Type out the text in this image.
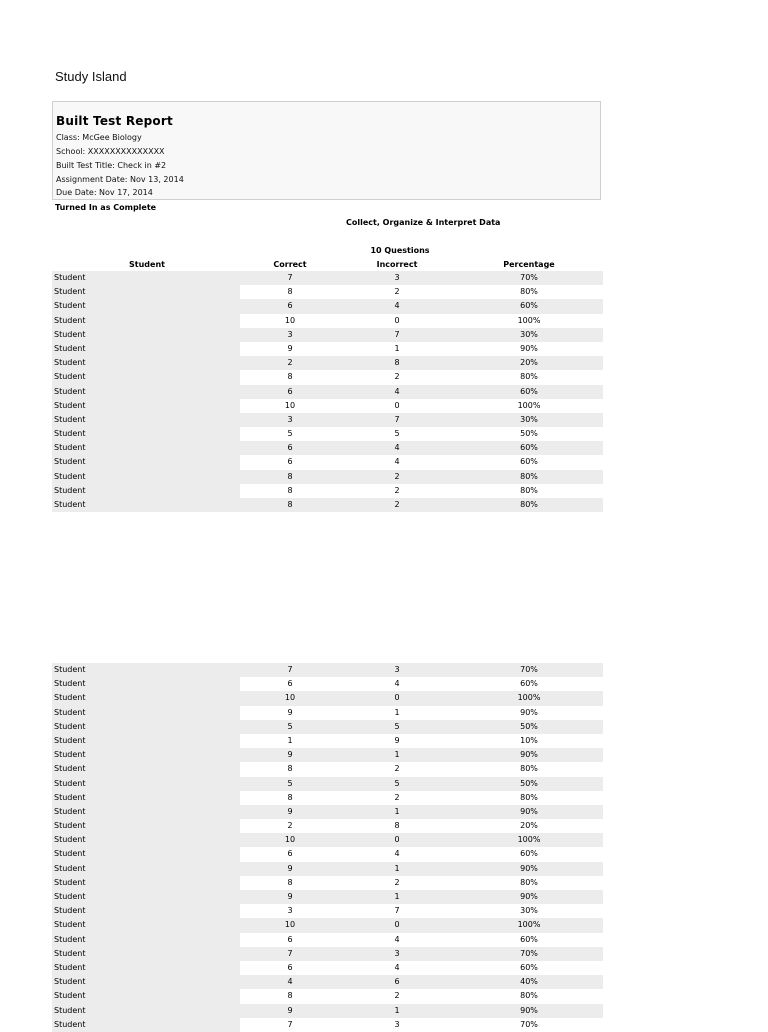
Study Island
Built Test Report
Class: McGee Biology
School: XXXXXXXXXXXXXX
Built Test Title: Check in #2
Assignment Date: Nov 13, 2014
Due Date: Nov 17, 2014
Turned In as Complete
Collect, Organize & Interpret Data
10 Questions
Student	Correct	Incorrect	Percentage
Student	7	3	70%
Student	8	2	80%
Student	6	4	60%
Student	10	0	100%
Student	3	7	30%
Student	9	1	90%
Student	2	8	20%
Student	8	2	80%
Student	6	4	60%
Student	10	0	100%
Student	3	7	30%
Student	5	5	50%
Student	6	4	60%
Student	6	4	60%
Student	8	2	80%
Student	8	2	80%
Student	8	2	80%
Student	7	3	70%
Student	6	4	60%
Student	10	0	100%
Student	9	1	90%
Student	5	5	50%
Student	1	9	10%
Student	9	1	90%
Student	8	2	80%
Student	5	5	50%
Student	8	2	80%
Student	9	1	90%
Student	2	8	20%
Student	10	0	100%
Student	6	4	60%
Student	9	1	90%
Student	8	2	80%
Student	9	1	90%
Student	3	7	30%
Student	10	0	100%
Student	6	4	60%
Student	7	3	70%
Student	6	4	60%
Student	4	6	40%
Student	8	2	80%
Student	9	1	90%
Student	7	3	70%
